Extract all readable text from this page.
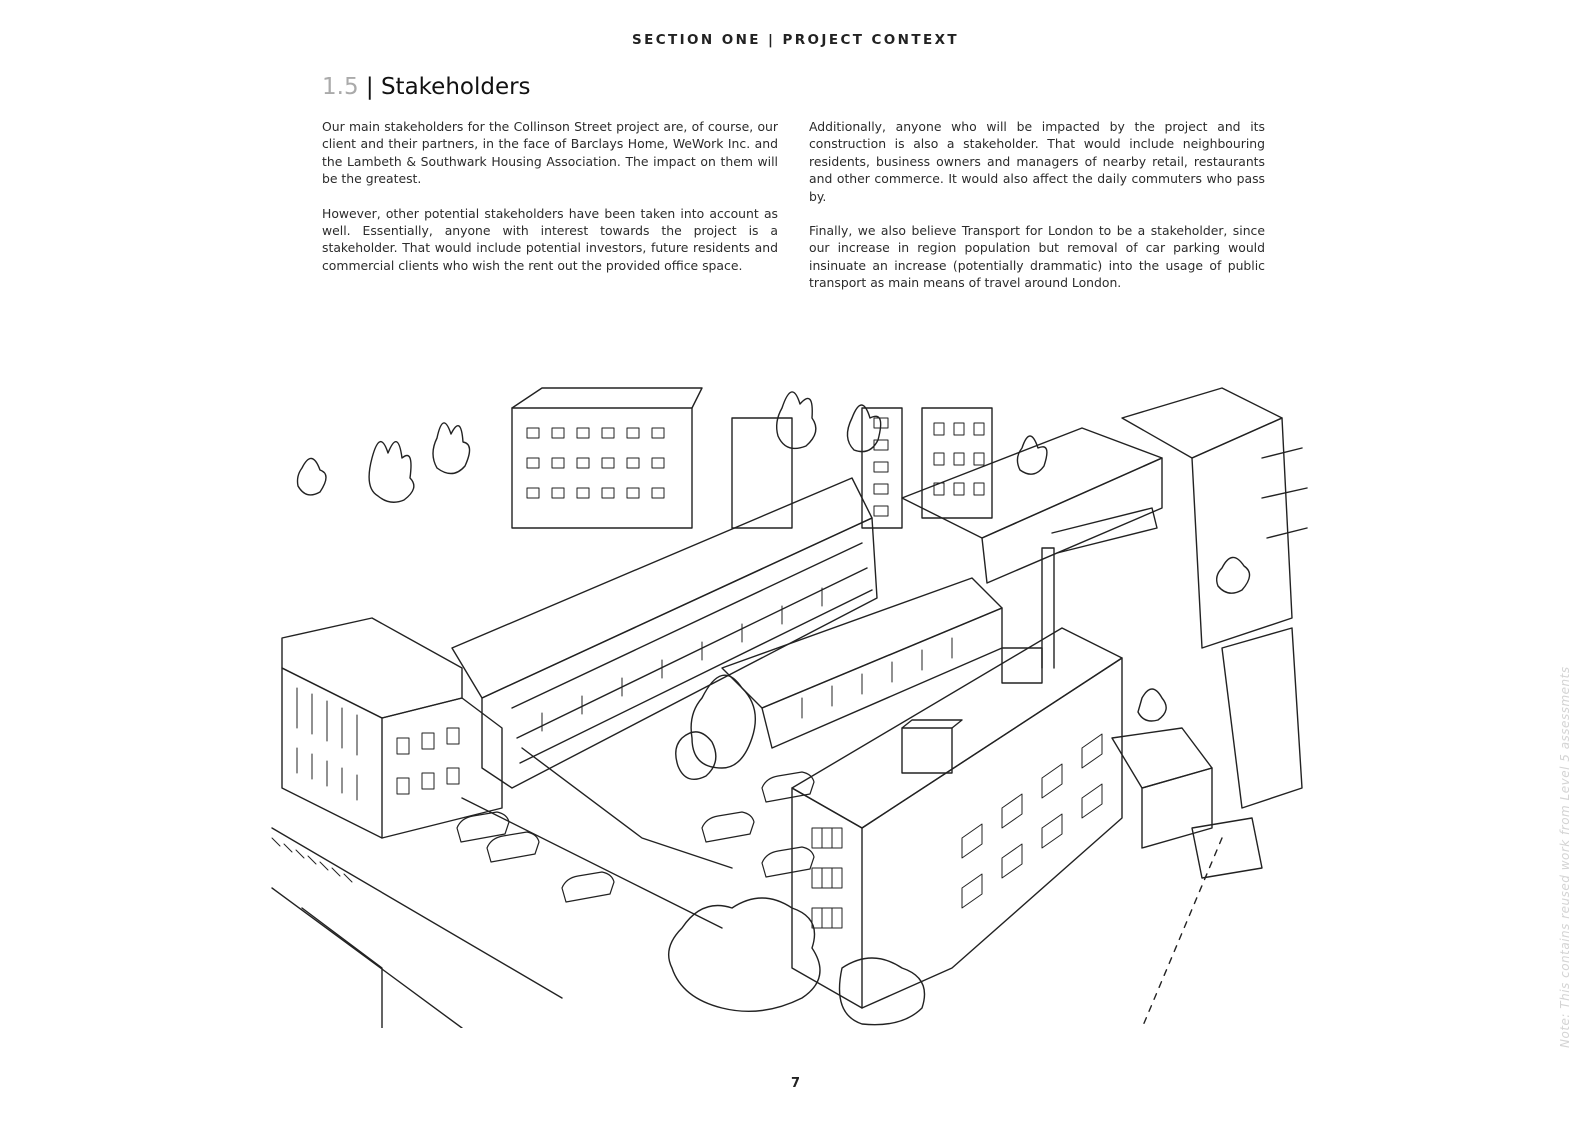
SECTION ONE | PROJECT CONTEXT
1.5 | Stakeholders

Our main stakeholders for the Collinson Street project are, of course, our client and their partners, in the face of Barclays Home, WeWork Inc. and the Lambeth & Southwark Housing Association. The impact on them will be the greatest.

However, other potential stakeholders have been taken into account as well. Essentially, anyone with interest towards the project is a stakeholder. That would include potential investors, future residents and commercial clients who wish the rent out the provided office space.

Additionally, anyone who will be impacted by the project and its construction is also a stakeholder. That would include neighbouring residents, business owners and managers of nearby retail, restaurants and other commerce. It would also affect the daily commuters who pass by.

Finally, we also believe Transport for London to be a stakeholder, since our increase in region population but removal of car parking would insinuate an increase (potentially drammatic) into the usage of public transport as main means of travel around London.

7
Note: This contains reused work from Level 5 assessments
